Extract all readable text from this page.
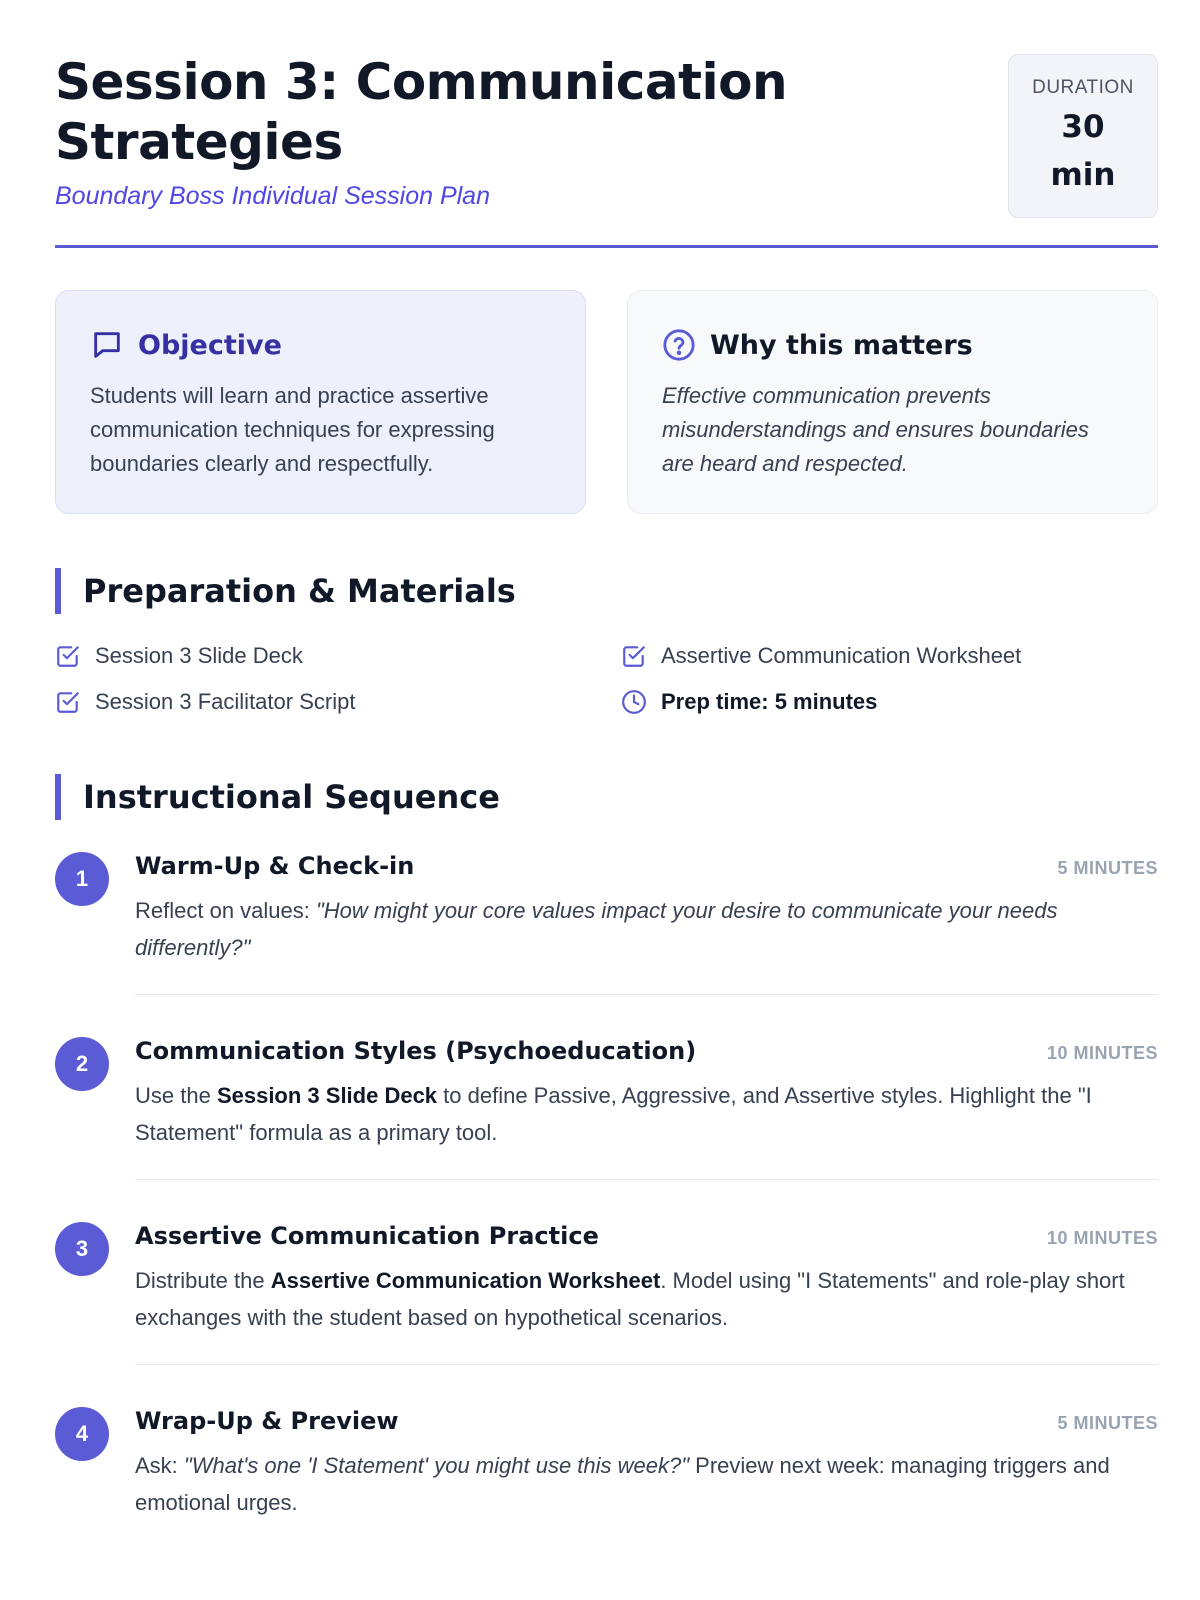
Session 3: Communication Strategies
Boundary Boss Individual Session Plan
DURATION
30
min
Objective

Students will learn and practice assertive communication techniques for expressing boundaries clearly and respectfully.

Why this matters

Effective communication prevents misunderstandings and ensures boundaries are heard and respected.

Preparation & Materials
Session 3 Slide Deck	Assertive Communication Worksheet
Session 3 Facilitator Script	Prep time: 5 minutes
Instructional Sequence
1	Warm-Up & Check-in	5 MINUTES

Reflect on values: "How might your core values impact your desire to communicate your needs differently?"

2	Communication Styles (Psychoeducation)	10 MINUTES

Use the Session 3 Slide Deck to define Passive, Aggressive, and Assertive styles. Highlight the "I Statement" formula as a primary tool.

3	Assertive Communication Practice	10 MINUTES

Distribute the Assertive Communication Worksheet. Model using "I Statements" and role-play short exchanges with the student based on hypothetical scenarios.

4	Wrap-Up & Preview	5 MINUTES

Ask: "What's one 'I Statement' you might use this week?" Preview next week: managing triggers and emotional urges.
